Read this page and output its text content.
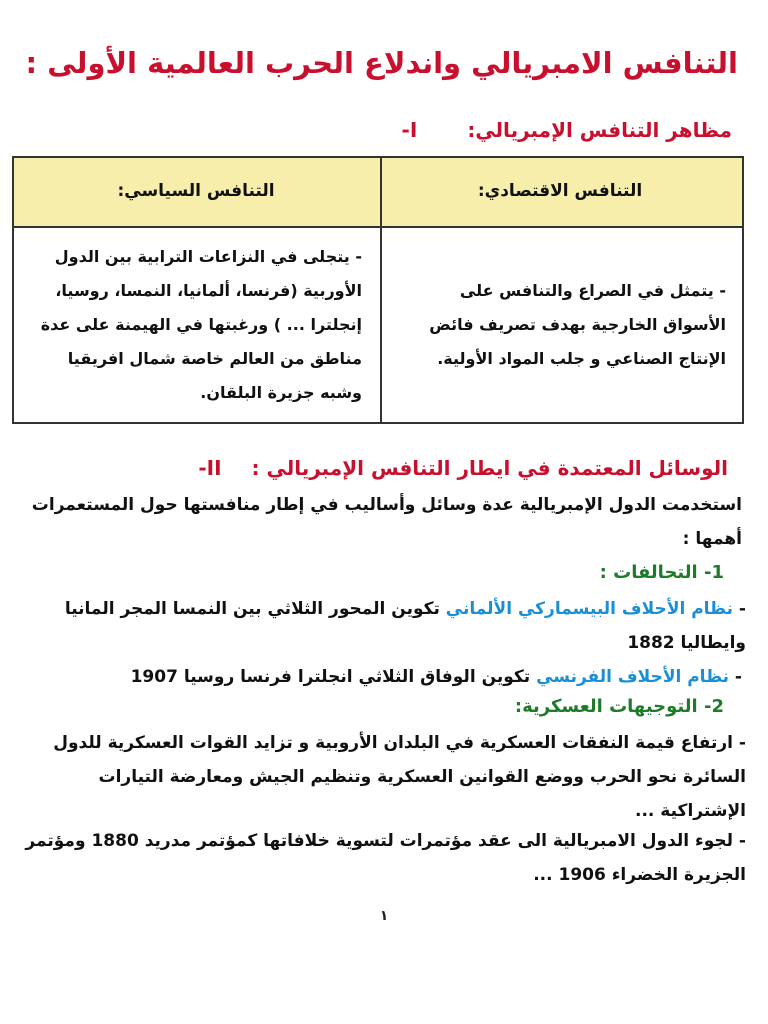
التنافس الامبريالي واندلاع الحرب العالمية الأولى :
مظاهر التنافس الإمبريالي:I-
التنافس الاقتصادي:
التنافس السياسي:
- يتمثل في الصراع والتنافس على الأسواق الخارجية بهدف تصريف فائض الإنتاج الصناعي و جلب المواد الأولية.
- يتجلى في النزاعات الترابية بين الدول الأوربية (فرنسا، ألمانيا، النمسا، روسيا، إنجلترا ... ) ورغبتها في الهيمنة على عدة مناطق من العالم خاصة شمال افريقيا وشبه جزيرة البلقان.
الوسائل المعتمدة في ايطار التنافس الإمبريالي :II-
استخدمت الدول الإمبريالية عدة وسائل وأساليب في إطار منافستها حول المستعمرات أهمها :
1- التحالفات :
- نظام الأحلاف البيسماركي الألماني تكوين المحور الثلاثي بين النمسا المجر المانيا وايطاليا 1882
- نظام الأحلاف الفرنسي تكوين الوفاق الثلاثي انجلترا فرنسا روسيا 1907
2- التوجيهات العسكرية:
- ارتفاع قيمة النفقات العسكرية في البلدان الأروبية و تزايد القوات العسكرية للدول السائرة نحو الحرب ووضع القوانين العسكرية وتنظيم الجيش ومعارضة التيارات الإشتراكية ...
- لجوء الدول الامبريالية الى عقد مؤتمرات لتسوية خلافاتها كمؤتمر مدريد 1880 ومؤتمر الجزيرة الخضراء 1906 ...
١
